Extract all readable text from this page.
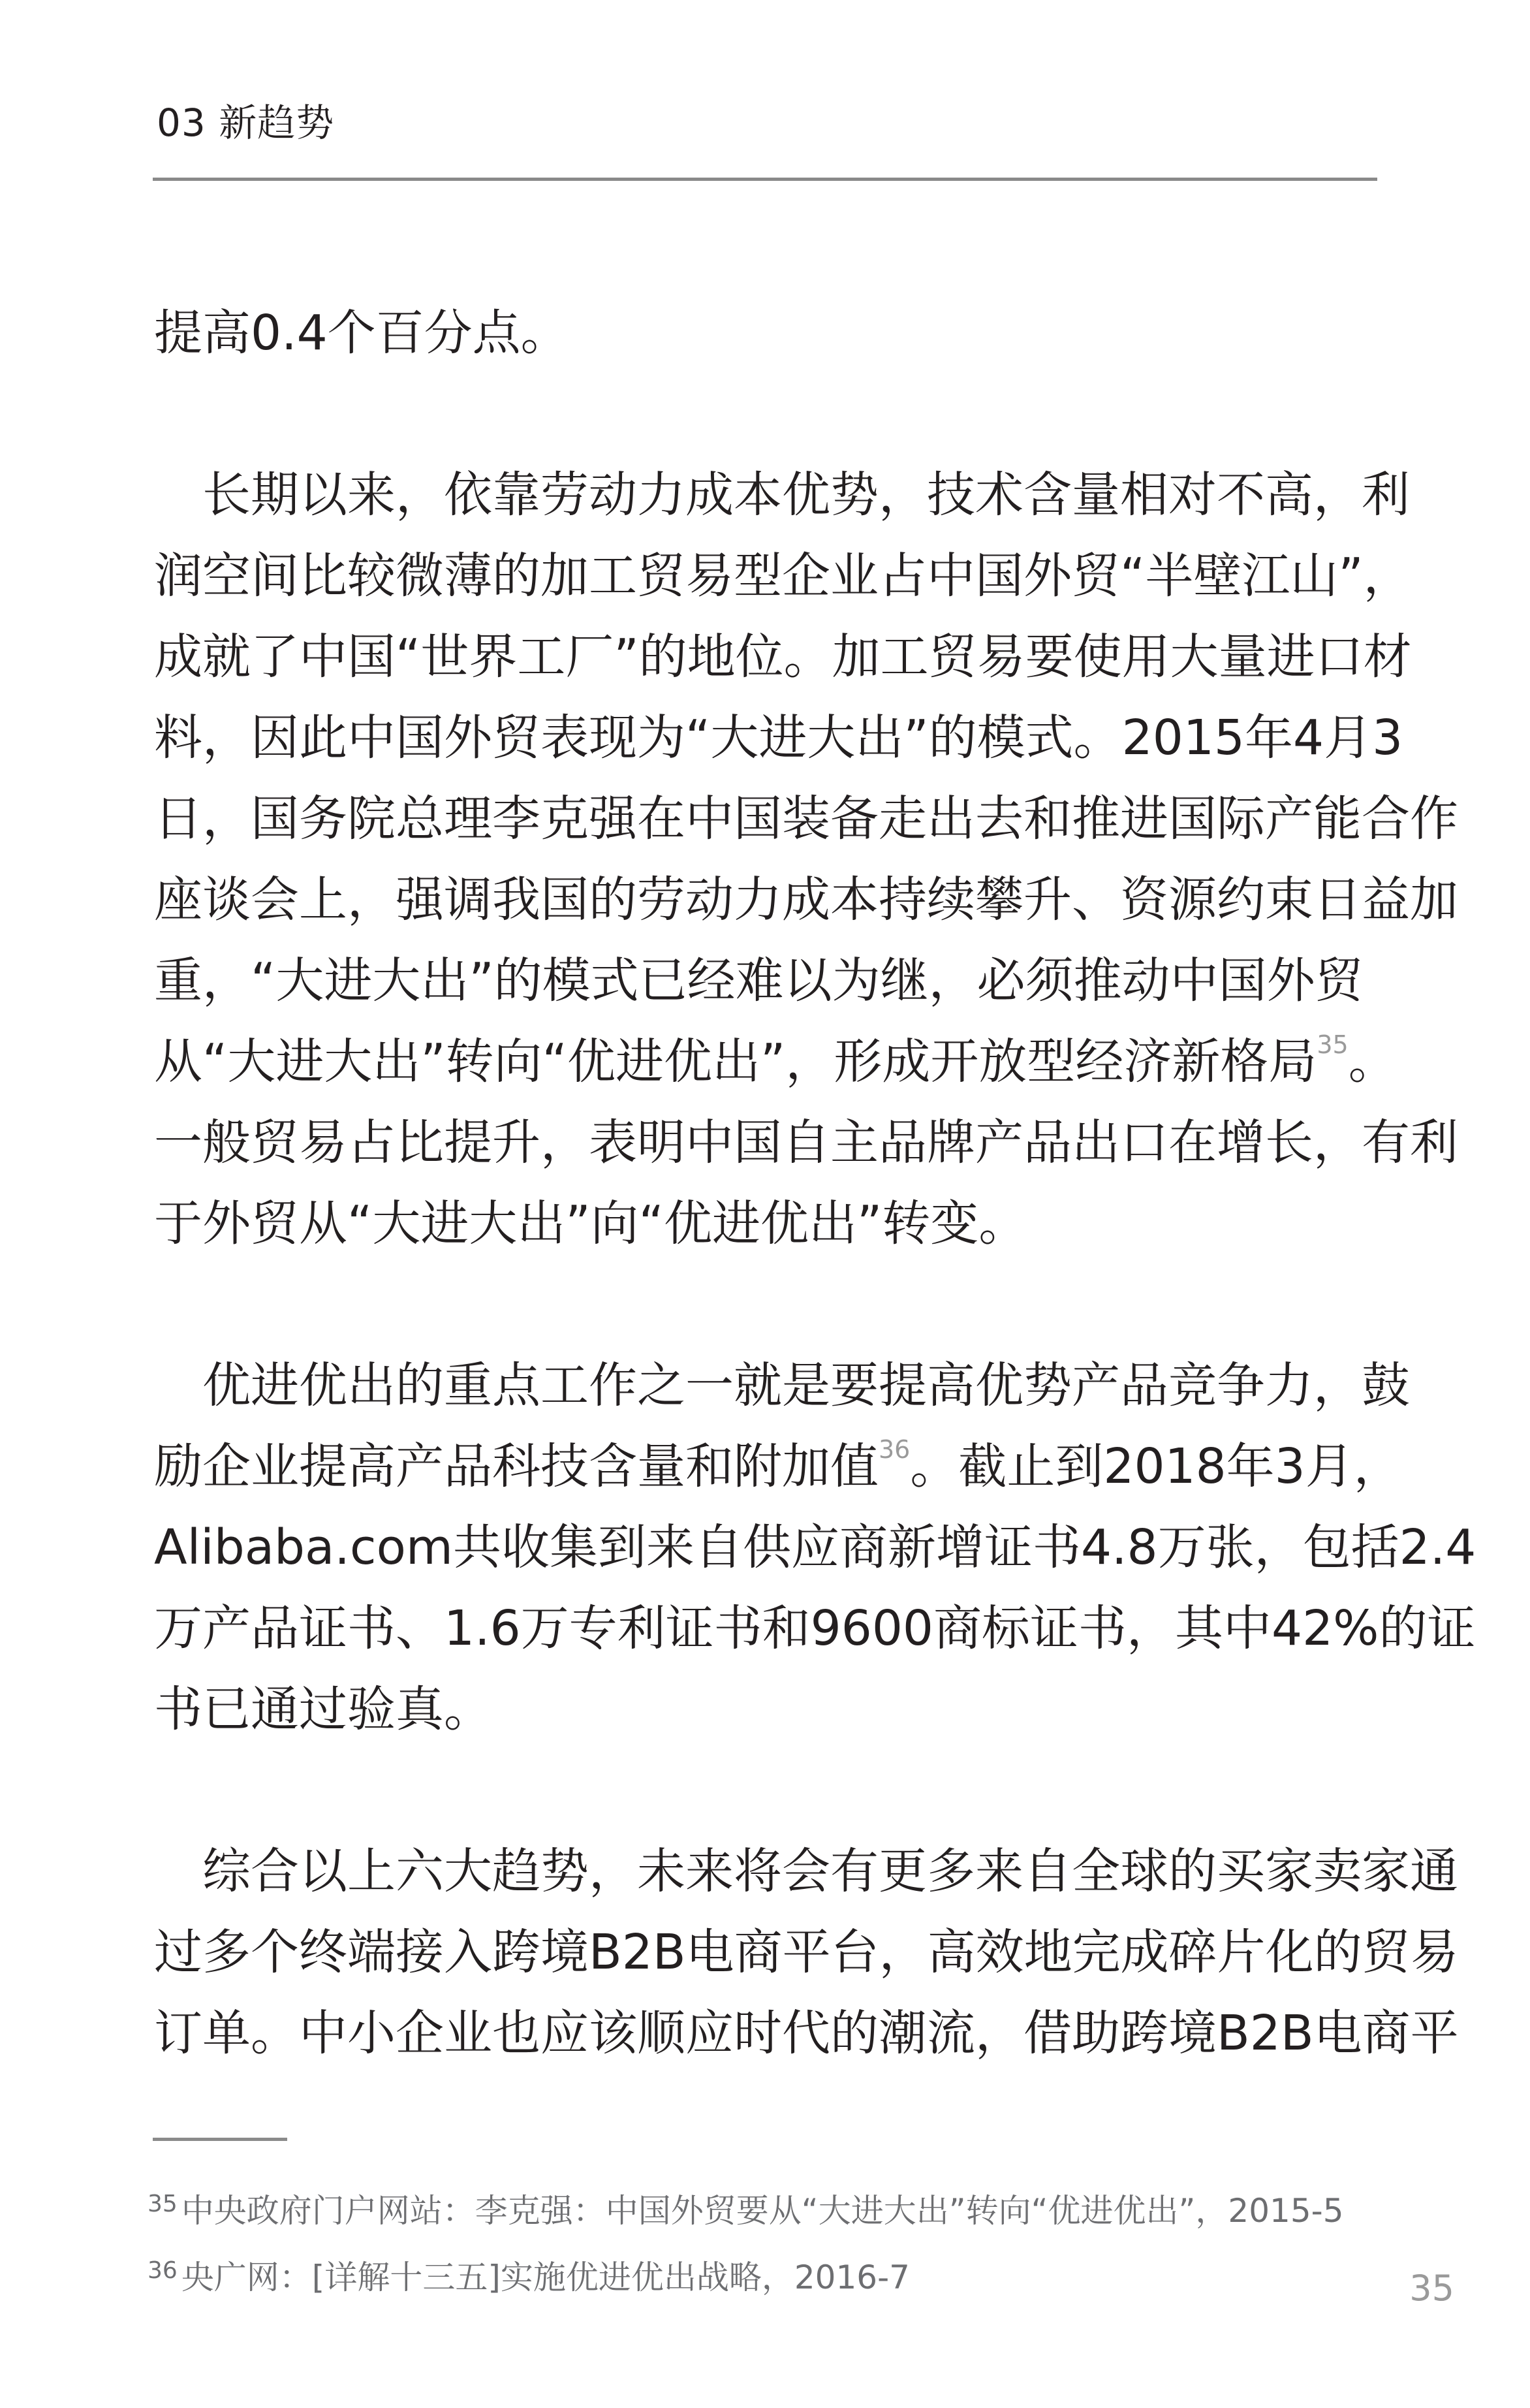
03 新趋势

提高0.4个百分点。

　长期以来，依靠劳动力成本优势，技术含量相对不高，利
润空间比较微薄的加工贸易型企业占中国外贸“半壁江山”，
成就了中国“世界工厂”的地位。加工贸易要使用大量进口材
料，因此中国外贸表现为“大进大出”的模式。2015年4月3
日，国务院总理李克强在中国装备走出去和推进国际产能合作
座谈会上，强调我国的劳动力成本持续攀升、资源约束日益加
重，“大进大出”的模式已经难以为继，必须推动中国外贸
从“大进大出”转向“优进优出”，形成开放型经济新格局$^{35}$。
一般贸易占比提升，表明中国自主品牌产品出口在增长，有利
于外贸从“大进大出”向“优进优出”转变。

　优进优出的重点工作之一就是要提高优势产品竞争力，鼓
励企业提高产品科技含量和附加值$^{36}$。截止到2018年3月，
Alibaba.com共收集到来自供应商新增证书4.8万张，包括2.4
万产品证书、1.6万专利证书和9600商标证书，其中42%的证
书已通过验真。

　综合以上六大趋势，未来将会有更多来自全球的买家卖家通
过多个终端接入跨境B2B电商平台，高效地完成碎片化的贸易
订单。中小企业也应该顺应时代的潮流，借助跨境B2B电商平

$^{35}$ 中央政府门户网站：李克强：中国外贸要从“大进大出”转向“优进优出”，2015-5
$^{36}$ 央广网：[详解十三五]实施优进优出战略，2016-7	35
